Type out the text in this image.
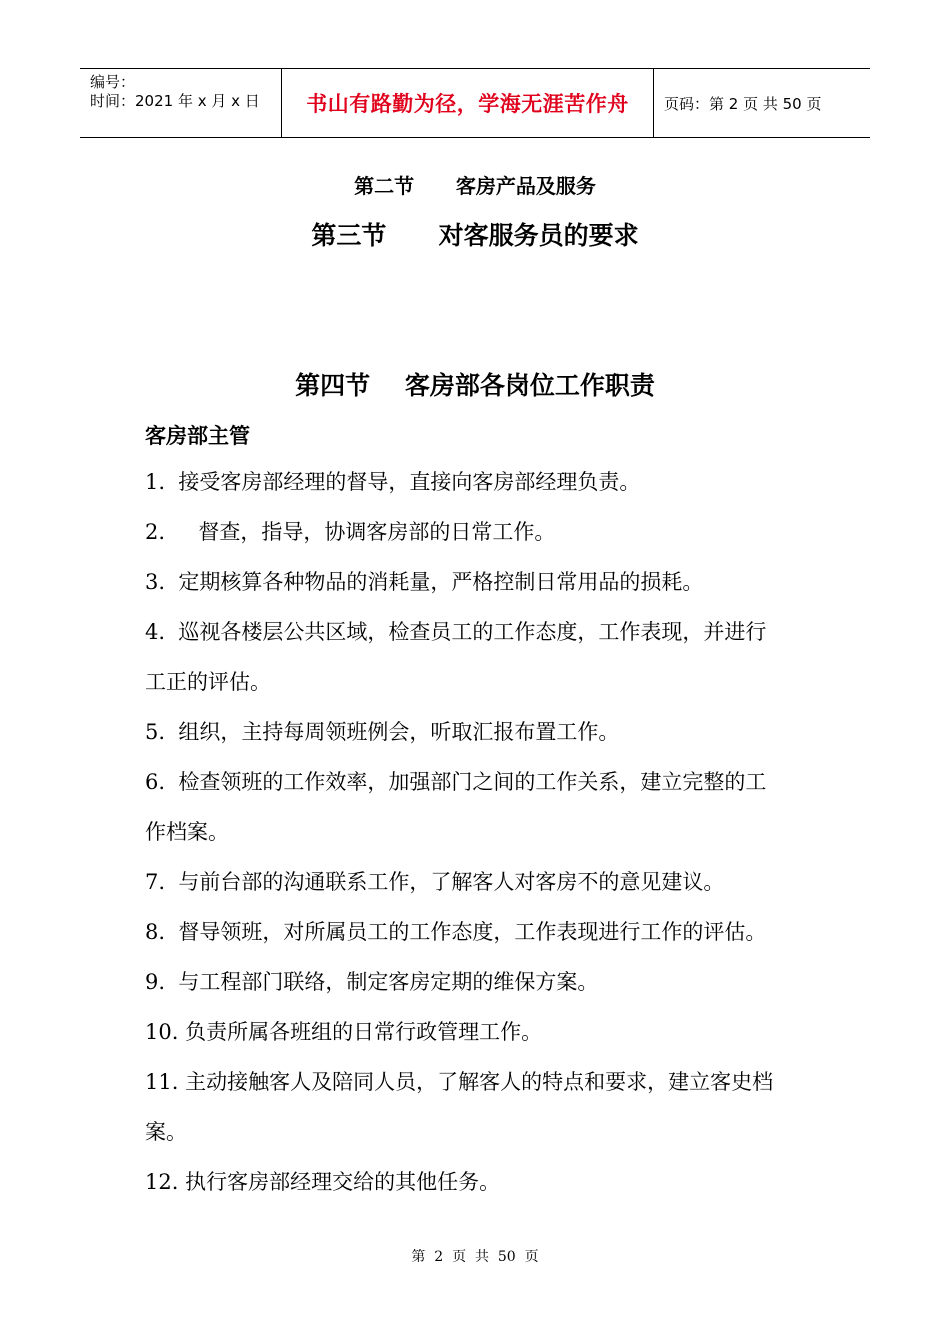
编号：
时间：2021 年 x 月 x 日	书山有路勤为径，学海无涯苦作舟	页码：第 2 页 共 50 页
第二节      客房产品及服务
第三节      对客服务员的要求
第四节    客房部各岗位工作职责
客房部主管
1.  接受客房部经理的督导，直接向客房部经理负责。
2.     督查，指导，协调客房部的日常工作。
3.  定期核算各种物品的消耗量，严格控制日常用品的损耗。
4.  巡视各楼层公共区域，检查员工的工作态度，工作表现，并进行
工正的评估。
5.  组织，主持每周领班例会，听取汇报布置工作。
6.  检查领班的工作效率，加强部门之间的工作关系，建立完整的工
作档案。
7.  与前台部的沟通联系工作，了解客人对客房不的意见建议。
8.  督导领班，对所属员工的工作态度，工作表现进行工作的评估。
9.  与工程部门联络，制定客房定期的维保方案。
10. 负责所属各班组的日常行政管理工作。
11. 主动接触客人及陪同人员，了解客人的特点和要求，建立客史档
案。
12. 执行客房部经理交给的其他任务。
第  2  页  共  50  页
